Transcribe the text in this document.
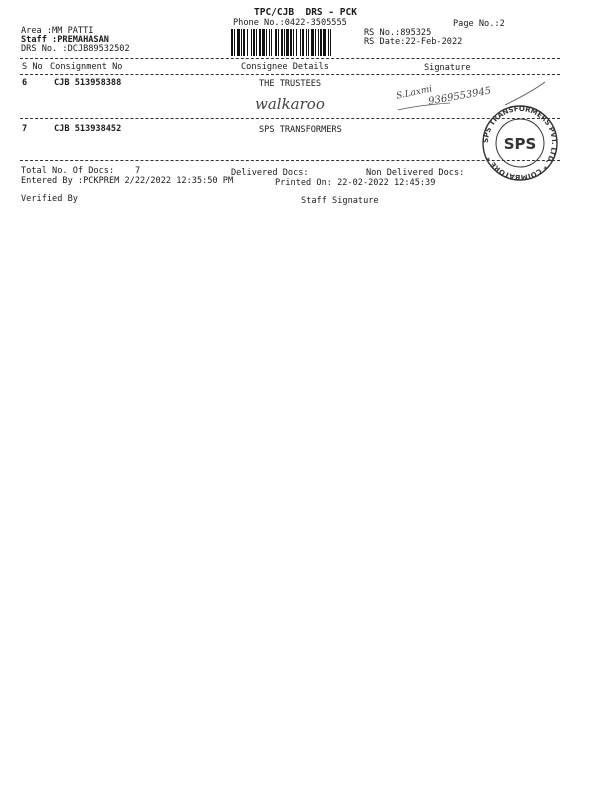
TPC/CJB  DRS - PCK
Phone No.:0422-3505555	Page No.:2
Area :MM PATTI
Staff :PREMAHASAN
DRS No. :DCJB89532502
RS No.:895325
RS Date:22-Feb-2022
S No Consignment No	Consignee Details	Signature
6	CJB 513958388	THE TRUSTEES
walkaroo
S.Laxmi
9369553945
7	CJB 513938452	SPS TRANSFORMERS
SPS TRANSFORMERS PVT. LTD. * COIMBATORE *
SPS
Total No. Of Docs: 7	Delivered Docs:	Non Delivered Docs:
Entered By :PCKPREM 2/22/2022 12:35:50 PM	Printed On: 22-02-2022 12:45:39
Verified By	Staff Signature
